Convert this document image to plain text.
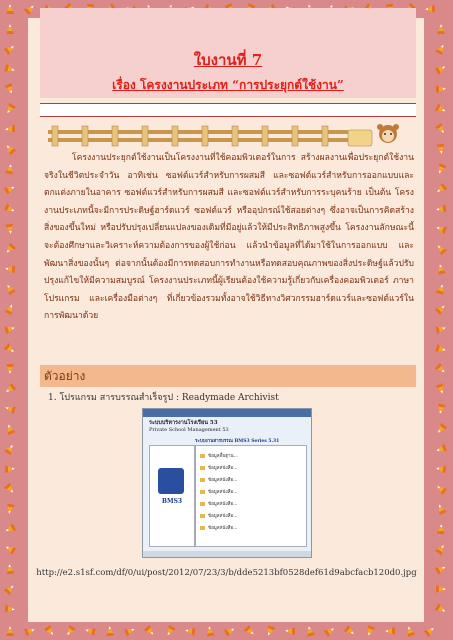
ใบงานที่ 7
เรื่อง โครงงานประเภท “การประยุกต์ใช้งาน”

โครงงานประยุกต์ใช้งานเป็นโครงงานที่ใช้คอมพิวเตอร์ในการ สร้างผลงานเพื่อประยุกต์ใช้งานจริงในชีวิตประจำวัน อาทิเช่น ซอฟต์แวร์สำหรับการผสมสี และซอฟต์แวร์สำหรับการออกแบบและตกแต่งภายในอาคาร ซอฟต์แวร์สำหรับการผสมสี และซอฟต์แวร์สำหรับการระบุคนร้าย เป็นต้น โครงงานประเภทนี้จะมีการประดิษฐ์ฮาร์ดแวร์ ซอฟต์แวร์ หรืออุปกรณ์ใช้สอยต่างๆ ซึ่งอาจเป็นการคิดสร้างสิ่งของขึ้นใหม่ หรือปรับปรุงเปลี่ยนแปลงของเดิมที่มีอยู่แล้วให้มีประสิทธิภาพสูงขึ้น โครงงานลักษณะนี้จะต้องศึกษาและวิเคราะห์ความต้องการของผู้ใช้ก่อน แล้วนำข้อมูลที่ได้มาใช้ในการออกแบบ และพัฒนาสิ่งของนั้นๆ ต่อจากนั้นต้องมีการทดสอบการทำงานหรือทดสอบคุณภาพของสิ่งประดิษฐ์แล้วปรับ ปรุงแก้ไขให้มีความสมบูรณ์ โครงงานประเภทนี้ผู้เรียนต้องใช้ความรู้เกี่ยวกับเครื่องคอมพิวเตอร์ ภาษาโปรแกรม และเครื่องมือต่างๆ ที่เกี่ยวข้องรวมทั้งอาจใช้วิธีทางวิศวกรรมฮาร์ดแวร์และซอฟต์แวร์ในการพัฒนาด้วย

ตัวอย่าง
1. โปรแกรม สารบรรณสำเร็จรูป : Readymade Archivist
ระบบบริหารงานโรงเรียน 53
Private School Management 53
ระบบงานสารบรรณ BMS3 Series 5.31
BMS3
ข้อมูลพื้นฐาน...
ข้อมูลหนังสือ...
ข้อมูลหนังสือ...
ข้อมูลหนังสือ...
ข้อมูลหนังสือ...
ข้อมูลหนังสือ...
ข้อมูลหนังสือ...
http://e2.s1sf.com/df/0/ui/post/2012/07/23/3/b/dde5213bf0528def61d9abcfacb120d0.jpg
